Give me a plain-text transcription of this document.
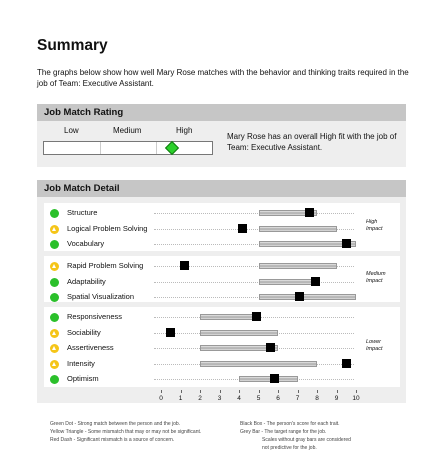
Summary
The graphs below show how well Mary Rose matches with the behavior and thinking traits required in the job of Team: Executive Assistant.
Job Match Rating
Low	Medium	High
Mary Rose has an overall High fit with the job of Team: Executive Assistant.
Job Match Detail
Structure
Logical Problem Solving
Vocabulary
High
Impact
Rapid Problem Solving
Adaptability
Spatial Visualization
Medium
Impact
Responsiveness
Sociability
Assertiveness
Intensity
Optimism
Lower
Impact
0	1	2	3	4	5	6	7	8	9	10
Green Dot - Strong match between the person and the job.
Yellow Triangle - Some mismatch that may or may not be significant.
Red Dash - Significant mismatch is a source of concern.
Black Box - The person's score for each trait.
Grey Bar - The target range for the job.
Scales without gray bars are considered
not predictive for the job.
